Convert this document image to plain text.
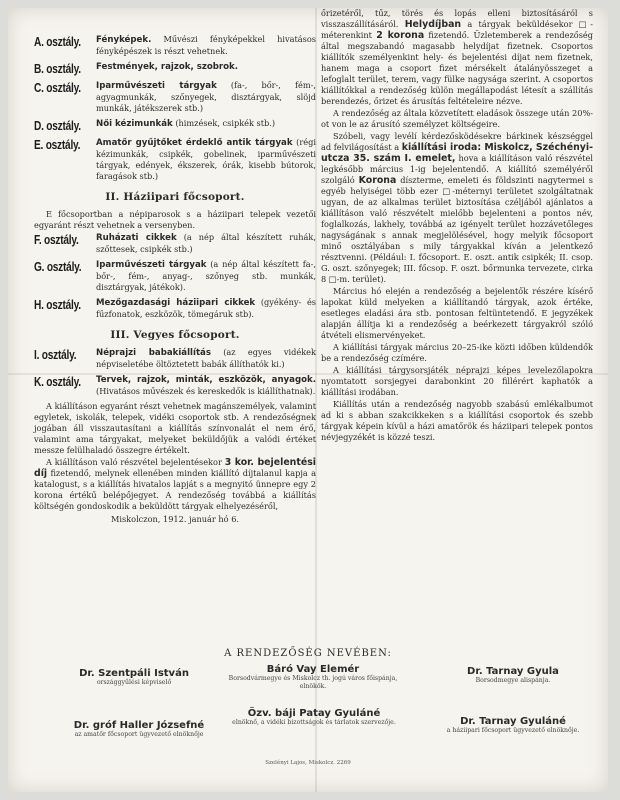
A. osztály. Fényképek. Művészi fényképekkel hivatásos fényképészek is részt vehetnek.
B. osztály. Festmények, rajzok, szobrok.
C. osztály. Iparművészeti tárgyak (fa-, bőr-, fém-, agyagmunkák, szőnyegek, disztárgyak, slöjd munkák, játékszerek stb.)
D. osztály. Női kézimunkák (himzések, csipkék stb.)
E. osztály. Amatőr gyűjtőket érdeklő antik tárgyak (régi kézimunkák, csipkék, gobelinek, iparművészeti tárgyak, edények, ékszerek, órák, kisebb bútorok, faragások stb.)
II. Háziipari főcsoport.

E főcsoportban a népiparosok s a háziipari telepek vezetői egyaránt részt vehetnek a versenyben.

F. osztály.	Ruházati cikkek (a nép által készített ruhák, szőttesek, csipkék stb.)
G. osztály. Iparművészeti tárgyak (a nép által készített fa-, bőr-, fém-, anyag-, szőnyeg stb. munkák, disztárgyak, játékok).
H. osztály. Mezőgazdasági háziipari cikkek (gyékény- és fűzfonatok, eszközök, tömegáruk stb).
III. Vegyes főcsoport.
I. osztály.	Néprajzi babakiállítás (az egyes vidékek népviseletébe öltöztetett babák állíthatók ki.)
K. osztály. Tervek, rajzok, minták, eszközök, anyagok. (Hivatásos művészek és kereskedők is kiállíthatnak).

A kiállításon egyaránt részt vehetnek magánszemélyek, valamint egyletek, iskolák, telepek, vidéki csoportok stb. A rendezőségnek jogában áll visszautasítani a kiállítás színvonalát el nem érő, valamint ama tárgyakat, melyeket beküldőjük a valódi értéket messze felülhaladó összegre értékelt.

A kiállításon való részvétel bejelentésekor 3 kor. bejelentési díj fizetendő, melynek ellenében minden kiállító díjtalanul kapja a katalogust, s a kiállítás hivatalos lapját s a megnyitó ünnepre egy 2 korona értékű belépőjegyet. A rendezőség továbbá a kiállítás költségén gondoskodik a beküldött tárgyak elhelyezéséről,

Miskolczon, 1912. január hó 6.

őrizetéről, tűz, törés és lopás elleni biztosításáról s visszaszállításáról. Helydíjban a tárgyak beküldésekor □-méterenkint 2 korona fizetendő. Üzletemberek a rendezőség által megszabandó magasabb helydíjat fizetnek. Csoportos kiállítók személyenkint hely- és bejelentési díjat nem fizetnek, hanem maga a csoport fizet mérsékelt átalányösszeget a lefoglalt terület, terem, vagy fülke nagysága szerint. A csoportos kiállítókkal a rendezőség külön megállapodást létesít a szállítás berendezés, őrizet és árusítás feltételeire nézve.

A rendezőség az általa közvetített eladások összege után 20%-ot von le az árusító személyzet költségeire.

Szóbeli, vagy levélí kérdezősködésekre bárkinek készséggel ad felvilágosítást a kiállítási iroda: Miskolcz, Széchényi-utcza 35. szám I. emelet, hova a kiállításon való részvétel legkésőbb március 1-ig bejelentendő. A kiállító személyéről szolgáló Korona díszterme, emeleti és földszinti nagytermei s egyéb helyiségei több ezer □-méternyi területet szolgáltatnak ugyan, de az alkalmas terület biztosítása czéljából ajánlatos a kiállításon való részvételt mielőbb bejelenteni a pontos név, foglalkozás, lakhely, továbbá az igényelt terület hozzávetőleges nagyságának s annak megjelölésével, hogy melyik főcsoport minő osztályában s mily tárgyakkal kíván a jelentkező résztvenni. (Például: I. főcsoport. E. oszt. antik csipkék; II. csop. G. oszt. szőnyegek; III. főcsop. F. oszt. bőrmunka tervezete, cirka 8 □-m. terület).

Március hó elején a rendezőség a bejelentők részére kísérő lapokat küld melyeken a kiállítandó tárgyak, azok értéke, esetleges eladási ára stb. pontosan feltüntetendő. E jegyzékek alapján állítja ki a rendezőség a beérkezett tárgyakról szóló átvételi elismervényeket.

A kiállítási tárgyak március 20–25-ike közti időben küldendők be a rendezőség czímére.

A kiállítási tárgysorsjáték néprajzi képes levelezőlapokra nyomtatott sorsjegyei darabonkint 20 fillérért kaphatók a kiállítási irodában.

Kiállítás után a rendezőség nagyobb szabású emlékalbumot ad ki s abban szakcikkeken s a kiállítási csoportok és szebb tárgyak képein kívül a házi amatőrök és háziipari telepek pontos névjegyzékét is közzé teszi.

A RENDEZŐSÉG NEVÉBEN:
Báró Vay Elemér
Borsodvármegye és Miskolcz th. jogú város főispánja, elnökök.
Dr. Szentpáli István
országgyűlési képviselő
Dr. Tarnay Gyula
Borsodmegye alispánja.
Özv. báji Patay Gyuláné
elnöknő, a vidéki bizottságok és tárlatok szervezője.
Dr. gróf Haller Józsefné
az amatőr főcsoport ügyvezető elnöknője
Dr. Tarnay Gyuláné
a háziipari főcsoport ügyvezető elnöknője.
Szelényi Lajos, Miskolcz. 2269
